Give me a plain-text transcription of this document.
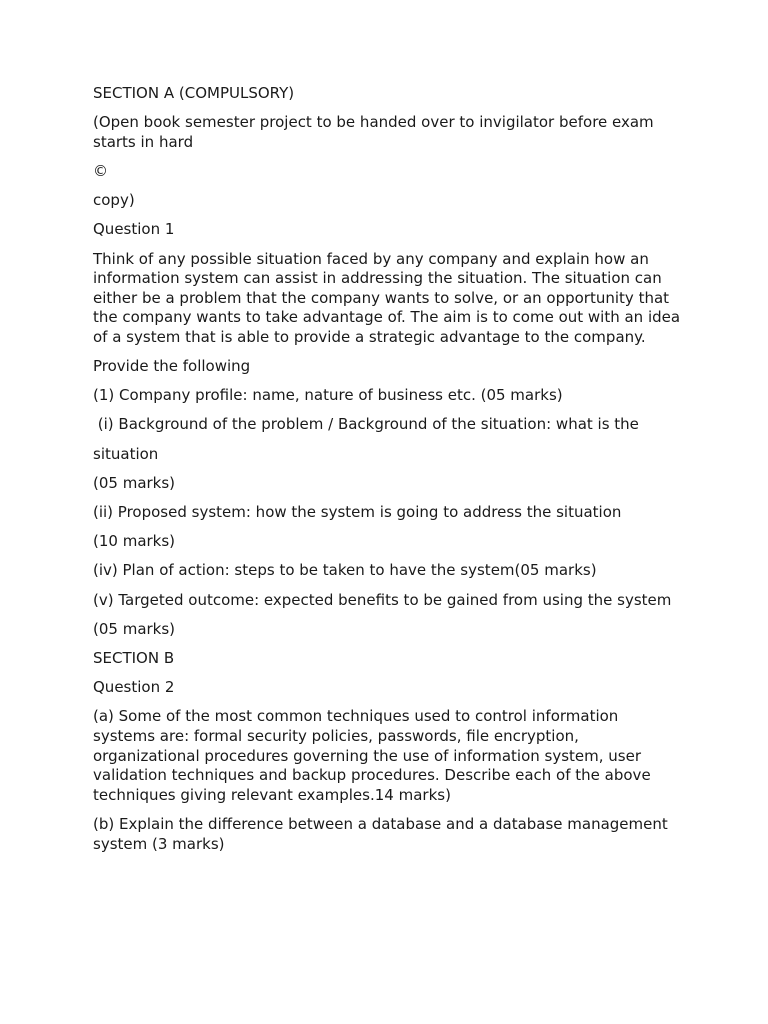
SECTION A (COMPULSORY)

(Open book semester project to be handed over to invigilator before exam starts in hard

©

copy)

Question 1

Think of any possible situation faced by any company and explain how an information system can assist in addressing the situation. The situation can either be a problem that the company wants to solve, or an opportunity that the company wants to take advantage of. The aim is to come out with an idea of a system that is able to provide a strategic advantage to the company.

Provide the following

(1) Company profile: name, nature of business etc. (05 marks)

(i) Background of the problem / Background of the situation: what is the

situation

(05 marks)

(ii) Proposed system: how the system is going to address the situation

(10 marks)

(iv) Plan of action: steps to be taken to have the system(05 marks)

(v) Targeted outcome: expected benefits to be gained from using the system

(05 marks)

SECTION B

Question 2

(a) Some of the most common techniques used to control information systems are: formal security policies, passwords, file encryption, organizational procedures governing the use of information system, user validation techniques and backup procedures. Describe each of the above techniques giving relevant examples.14 marks)

(b) Explain the difference between a database and a database management system (3 marks)
